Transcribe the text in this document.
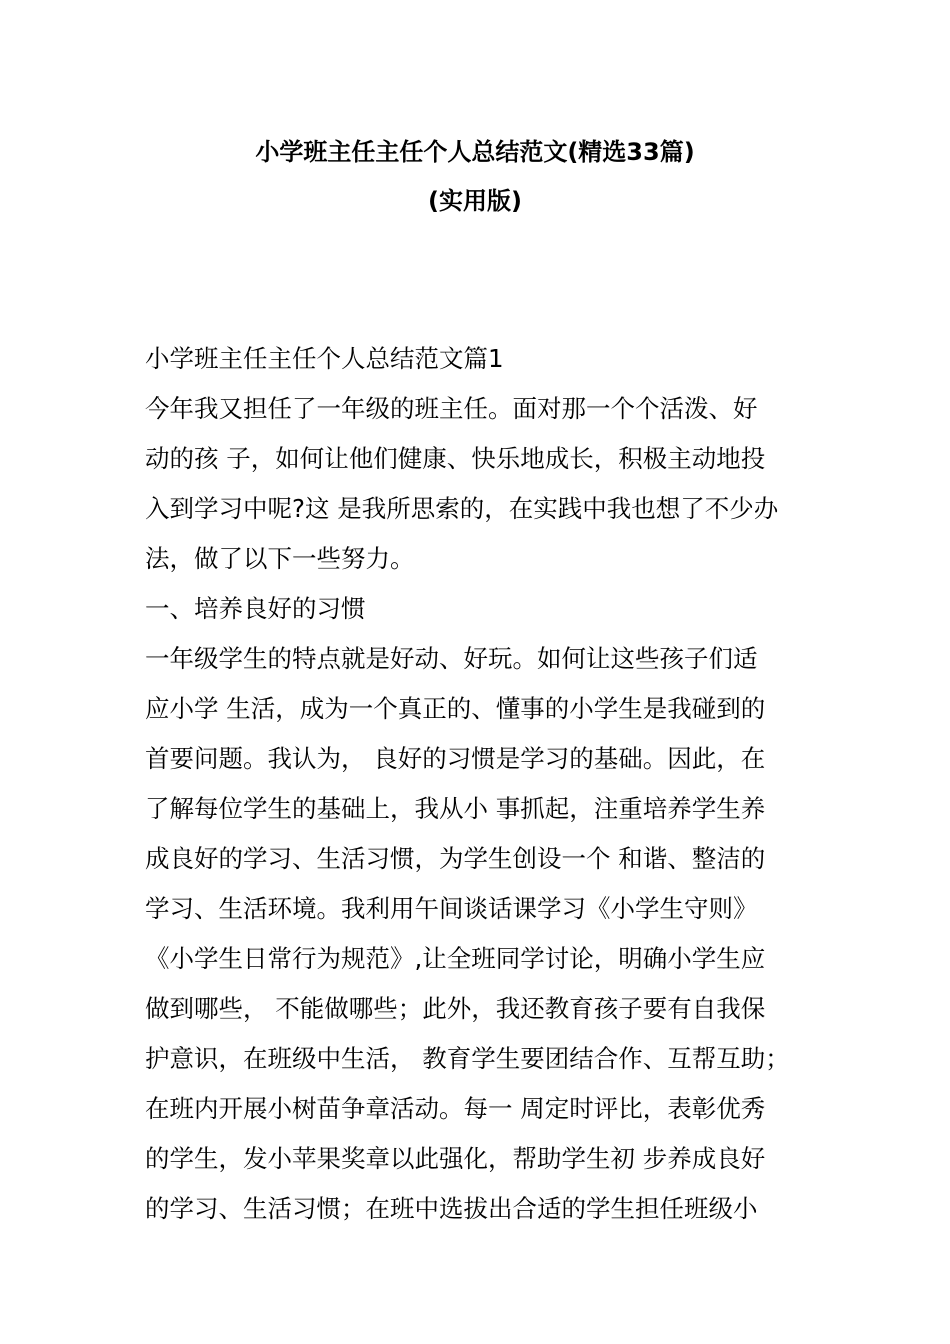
小学班主任主任个人总结范文(精选33篇)
(实用版)
小学班主任主任个人总结范文篇1
今年我又担任了一年级的班主任。面对那一个个活泼、好
动的孩 子，如何让他们健康、快乐地成长，积极主动地投
入到学习中呢?这 是我所思索的，在实践中我也想了不少办
法，做了以下一些努力。
一、培养良好的习惯
一年级学生的特点就是好动、好玩。如何让这些孩子们适
应小学 生活，成为一个真正的、懂事的小学生是我碰到的
首要问题。我认为， 良好的习惯是学习的基础。因此，在
了解每位学生的基础上，我从小 事抓起，注重培养学生养
成良好的学习、生活习惯，为学生创设一个 和谐、整洁的
学习、生活环境。我利用午间谈话课学习《小学生守则》
《小学生日常行为规范》,让全班同学讨论，明确小学生应
做到哪些， 不能做哪些；此外，我还教育孩子要有自我保
护意识，在班级中生活， 教育学生要团结合作、互帮互助；
在班内开展小树苗争章活动。每一 周定时评比，表彰优秀
的学生，发小苹果奖章以此强化，帮助学生初 步养成良好
的学习、生活习惯；在班中选拔出合适的学生担任班级小
